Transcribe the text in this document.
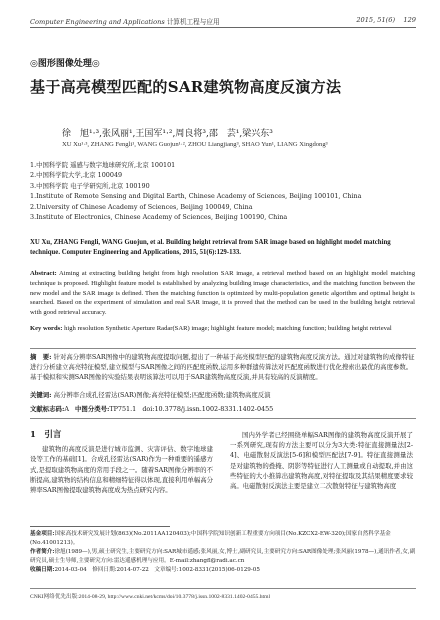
Computer Engineering and Applications 计算机工程与应用	2015, 51(6) 129
◎图形图像处理◎
基于高亮模型匹配的SAR建筑物高度反演方法
徐　旭¹·³,张风丽¹,王国军¹·²,周良将³,邵　芸¹,梁兴东³
XU Xu¹·³, ZHANG Fengli¹, WANG Guojun¹·², ZHOU Liangjiang³, SHAO Yun¹, LIANG Xingdong³
1.中国科学院 遥感与数字地球研究所,北京 100101
2.中国科学院大学,北京 100049
3.中国科学院 电子学研究所,北京 100190
1.Institute of Remote Sensing and Digital Earth, Chinese Academy of Sciences, Beijing 100101, China
2.University of Chinese Academy of Sciences, Beijing 100049, China
3.Institute of Electronics, Chinese Academy of Sciences, Beijing 100190, China
XU Xu, ZHANG Fengli, WANG Guojun, et al. Building height retrieval from SAR image based on highlight model matching technique. Computer Engineering and Applications, 2015, 51(6):129-133.
Abstract: Aiming at extracting building height from high resolution SAR image, a retrieval method based on an highlight model matching technique is proposed. Highlight feature model is established by analyzing building image characteristics, and the matching function between the new model and the SAR image is defined. Then the matching function is optimized by multi-population genetic algorithm and optimal height is searched. Based on the experiment of simulation and real SAR image, it is proved that the method can be used in the building height retrieval with good retrieval accuracy.
Key words: high resolution Synthetic Aperture Radar(SAR) image; highlight feature model; matching function; building height retrieval
摘　要: 针对高分辨率SAR图像中的建筑物高度提取问题,提出了一种基于高亮模型匹配的建筑物高度反演方法。通过对建筑物的成像特征进行分析建立高亮特征模型,建立模型与SAR图像之间的匹配度函数,运用多种群遗传算法对匹配度函数进行优化搜索出最优的高度参数。基于模拟和实测SAR图像的实验结果表明该算法可以用于SAR建筑物高度反演,并具有较高的反演精度。
关键词: 高分辨率合成孔径雷达(SAR)图像;高亮特征模型;匹配度函数;建筑物高度反演
文献标志码:A 中图分类号:TP751.1 doi:10.3778/j.issn.1002-8331.1402-0455
1　引言
建筑物的高度反演是进行城市监测、灾害评估、数字地球建设等工作的基础[1]。合成孔径雷达(SAR)作为一种重要的遥感方式,是提取建筑物高度的常用手段之一。随着SAR图像分辨率的不断提高,建筑物的结构信息和精细特征得以体现,直接利用单幅高分辨率SAR图像提取建筑物高度成为热点研究内容。
国内外学者已经围绕单幅SAR图像的建筑物高度反演开展了一系列研究,现有的方法主要可以分为3大类:特征直接测量法[2-4]、电磁散射反演法[5-6]和模型匹配法[7-9]。特征直接测量法是对建筑物的叠掩、阴影等特征进行人工测量或自动提取,并由这些特征的大小推算出建筑物高度,对特征提取及其结果精度要求较高。电磁散射反演法主要是建立二次散射特征与建筑物高度
基金项目:国家高技术研究发展计划(863)(No.2011AA120403);中国科学院知识创新工程重要方向项目(No.KZCX2-EW-320);国家自然科学基金(No.41001213)。
作者简介:徐旭(1989—),男,硕士研究生,主要研究方向:SAR城市遥感;张风丽,女,博士,副研究员,主要研究方向:SAR图像处理;张风丽(1978—),通讯作者,女,副研究员,硕士生导师,主要研究方向:雷达遥感机理与应用。E-mail:zhangfl@radi.ac.cn
收稿日期:2014-03-04　修回日期:2014-07-22　文章编号:1002-8331(2015)06-0129-05
CNKI网络优先出版:2014-08-29, http://www.cnki.net/kcms/doi/10.3778/j.issn.1002-8331.1402-0455.html
